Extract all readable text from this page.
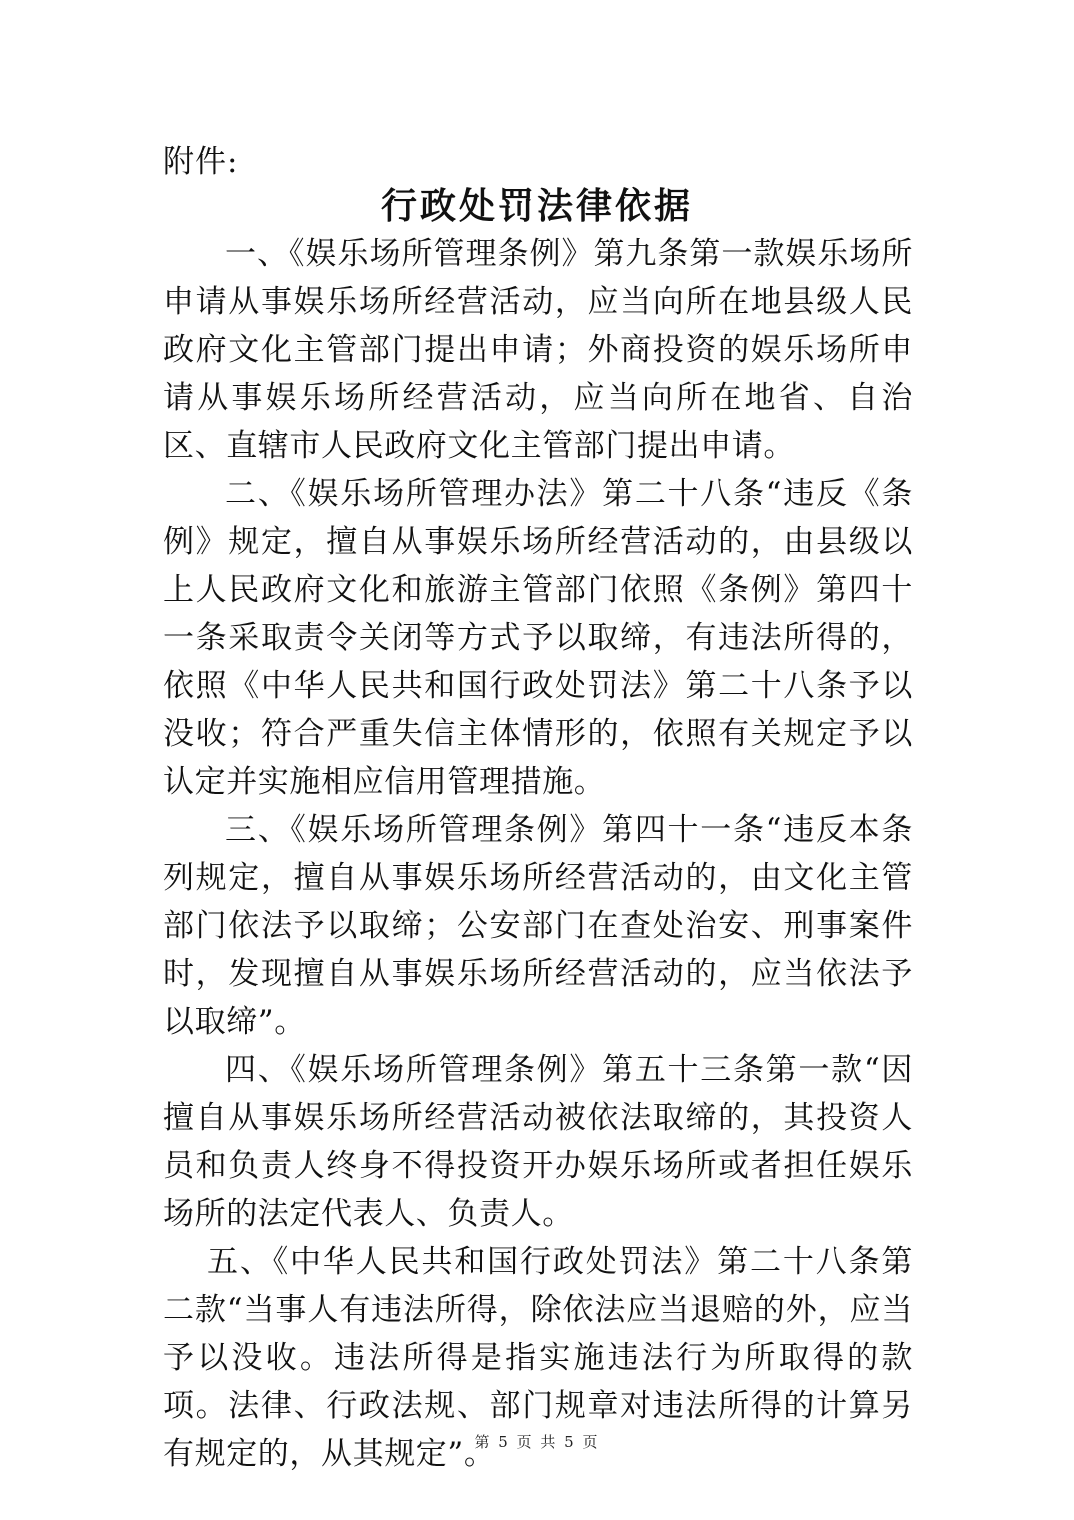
附件:
行政处罚法律依据

一、《娱乐场所管理条例》第九条第一款娱乐场所申请从事娱乐场所经营活动，应当向所在地县级人民政府文化主管部门提出申请；外商投资的娱乐场所申请从事娱乐场所经营活动，应当向所在地省、自治区、直辖市人民政府文化主管部门提出申请。

二、《娱乐场所管理办法》第二十八条“违反《条例》规定，擅自从事娱乐场所经营活动的，由县级以上人民政府文化和旅游主管部门依照《条例》第四十一条采取责令关闭等方式予以取缔，有违法所得的，依照《中华人民共和国行政处罚法》第二十八条予以没收；符合严重失信主体情形的，依照有关规定予以认定并实施相应信用管理措施。

三、《娱乐场所管理条例》第四十一条“违反本条列规定，擅自从事娱乐场所经营活动的，由文化主管部门依法予以取缔；公安部门在查处治安、刑事案件时，发现擅自从事娱乐场所经营活动的，应当依法予以取缔”。

四、《娱乐场所管理条例》第五十三条第一款“因擅自从事娱乐场所经营活动被依法取缔的，其投资人员和负责人终身不得投资开办娱乐场所或者担任娱乐场所的法定代表人、负责人。

五、《中华人民共和国行政处罚法》第二十八条第二款“当事人有违法所得，除依法应当退赔的外，应当予以没收。违法所得是指实施违法行为所取得的款项。法律、行政法规、部门规章对违法所得的计算另有规定的，从其规定”。

第 5 页 共 5 页
